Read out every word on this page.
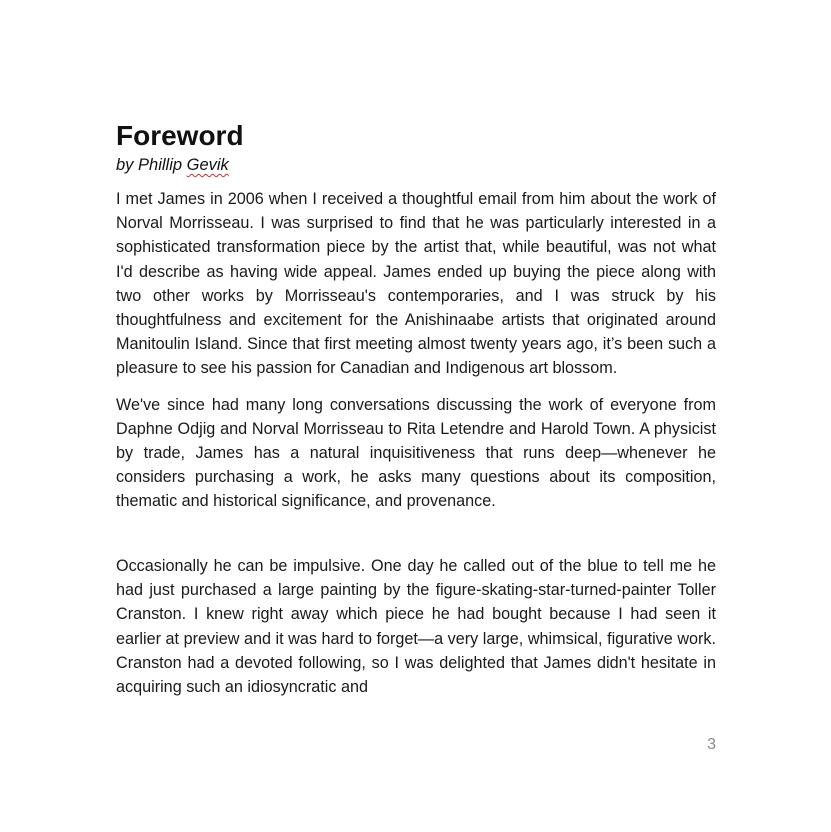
Foreword

by Phillip Gevik

I met James in 2006 when I received a thoughtful email from him about the work of Norval Morrisseau. I was surprised to find that he was particularly interested in a sophisticated transformation piece by the artist that, while beautiful, was not what I'd describe as having wide appeal. James ended up buying the piece along with two other works by Morrisseau's contemporaries, and I was struck by his thoughtfulness and excitement for the Anishinaabe artists that originated around Manitoulin Island. Since that first meeting almost twenty years ago, it’s been such a pleasure to see his passion for Canadian and Indigenous art blossom.

We've since had many long conversations discussing the work of everyone from Daphne Odjig and Norval Morrisseau to Rita Letendre and Harold Town. A physicist by trade, James has a natural inquisitiveness that runs deep—whenever he considers purchasing a work, he asks many questions about its composition, thematic and historical significance, and provenance.

Occasionally he can be impulsive. One day he called out of the blue to tell me he had just purchased a large painting by the figure-skating-star-turned-painter Toller Cranston. I knew right away which piece he had bought because I had seen it earlier at preview and it was hard to forget—a very large, whimsical, figurative work. Cranston had a devoted following, so I was delighted that James didn't hesitate in acquiring such an idiosyncratic and

3
